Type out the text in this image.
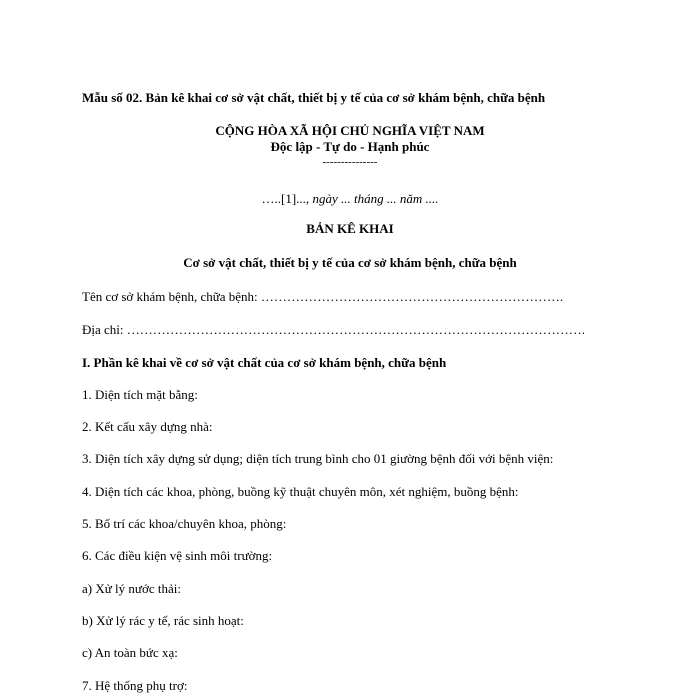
Mẫu số 02. Bản kê khai cơ sở vật chất, thiết bị y tế của cơ sở khám bệnh, chữa bệnh
CỘNG HÒA XÃ HỘI CHỦ NGHĨA VIỆT NAM
Độc lập - Tự do - Hạnh phúc
---------------
…..[1]..., ngày ... tháng ... năm ....
BẢN KÊ KHAI
Cơ sở vật chất, thiết bị y tế của cơ sở khám bệnh, chữa bệnh
Tên cơ sở khám bệnh, chữa bệnh: …………………………………………………………….
Địa chỉ: …………………………………………………………………………………………….
I. Phần kê khai về cơ sở vật chất của cơ sở khám bệnh, chữa bệnh
1. Diện tích mặt bằng:
2. Kết cấu xây dựng nhà:
3. Diện tích xây dựng sử dụng; diện tích trung bình cho 01 giường bệnh đối với bệnh viện:
4. Diện tích các khoa, phòng, buồng kỹ thuật chuyên môn, xét nghiệm, buồng bệnh:
5. Bố trí các khoa/chuyên khoa, phòng:
6. Các điều kiện vệ sinh môi trường:
a) Xử lý nước thải:
b) Xử lý rác y tế, rác sinh hoạt:
c) An toàn bức xạ:
7. Hệ thống phụ trợ:
